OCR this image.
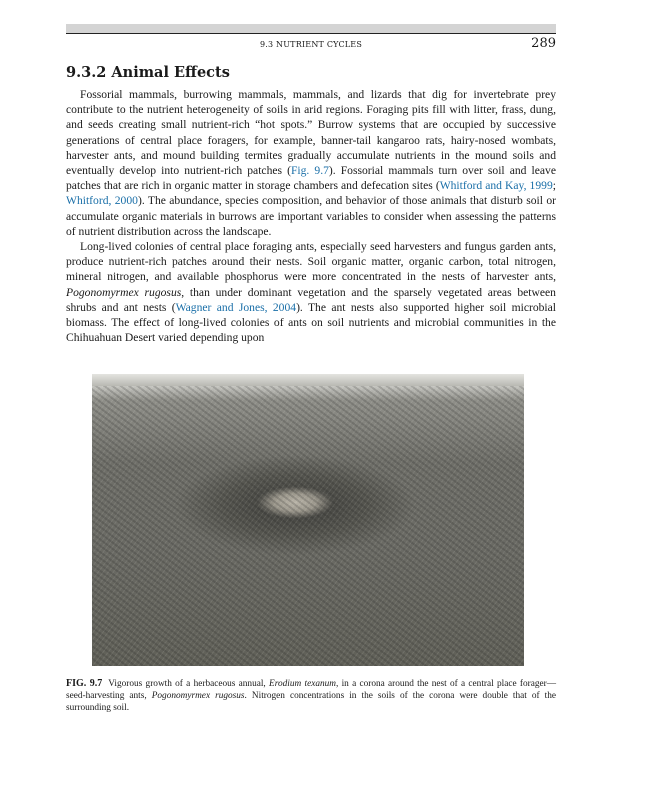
9.3 NUTRIENT CYCLES	289
9.3.2 Animal Effects

Fossorial mammals, burrowing mammals, mammals, and lizards that dig for invertebrate prey contribute to the nutrient heterogeneity of soils in arid regions. Foraging pits fill with litter, frass, dung, and seeds creating small nutrient-rich “hot spots.” Burrow systems that are occupied by successive generations of central place foragers, for example, banner-tail kangaroo rats, hairy-nosed wombats, harvester ants, and mound building termites gradually accumulate nutrients in the mound soils and eventually develop into nutrient-rich patches (Fig. 9.7). Fossorial mammals turn over soil and leave patches that are rich in organic matter in storage chambers and defecation sites (Whitford and Kay, 1999; Whitford, 2000). The abundance, species composition, and behavior of those animals that disturb soil or accumulate organic materials in burrows are important variables to consider when assessing the patterns of nutrient distribution across the landscape.

Long-lived colonies of central place foraging ants, especially seed harvesters and fungus garden ants, produce nutrient-rich patches around their nests. Soil organic matter, organic carbon, total nitrogen, mineral nitrogen, and available phosphorus were more concentrated in the nests of harvester ants, Pogonomyrmex rugosus, than under dominant vegetation and the sparsely vegetated areas between shrubs and ant nests (Wagner and Jones, 2004). The ant nests also supported higher soil microbial biomass. The effect of long-lived colonies of ants on soil nutrients and microbial communities in the Chihuahuan Desert varied depending upon

FIG. 9.7 Vigorous growth of a herbaceous annual, Erodium texanum, in a corona around the nest of a central place forager—seed-harvesting ants, Pogonomyrmex rugosus. Nitrogen concentrations in the soils of the corona were double that of the surrounding soil.
